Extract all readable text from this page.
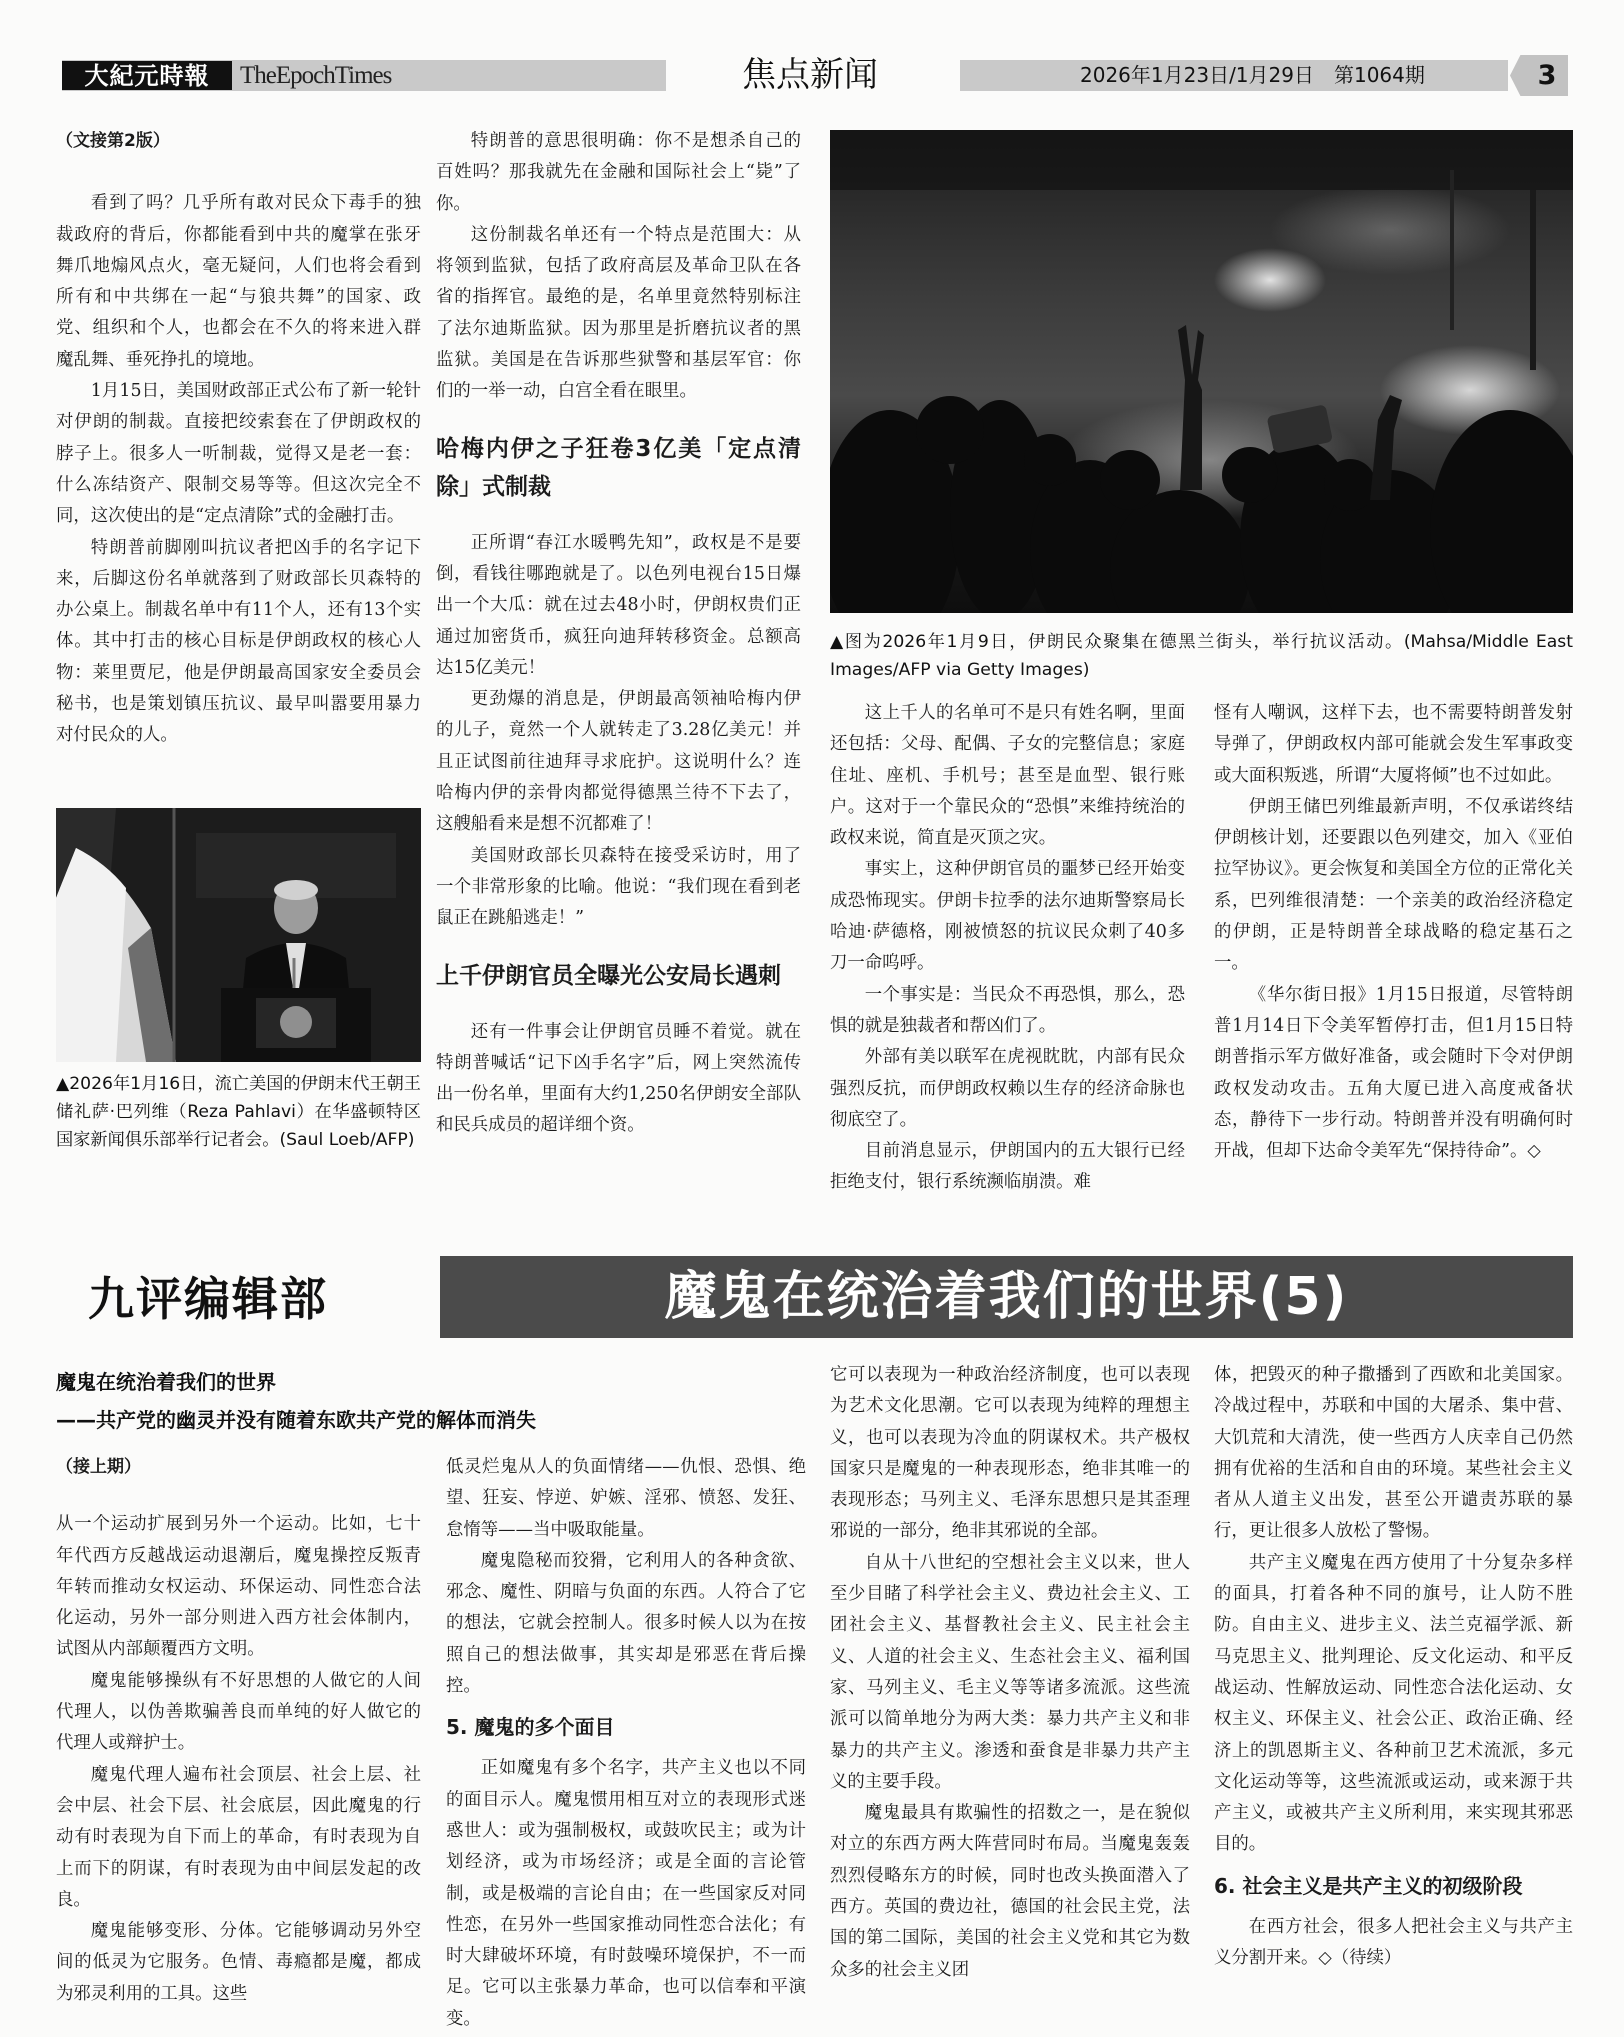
大紀元時報	TheEpochTimes	焦点新闻	2026年1月23日/1月29日　第1064期	3

（文接第2版）

看到了吗？几乎所有敢对民众下毒手的独裁政府的背后，你都能看到中共的魔掌在张牙舞爪地煽风点火，毫无疑问，人们也将会看到所有和中共绑在一起“与狼共舞”的国家、政党、组织和个人，也都会在不久的将来进入群魔乱舞、垂死挣扎的境地。

1月15日，美国财政部正式公布了新一轮针对伊朗的制裁。直接把绞索套在了伊朗政权的脖子上。很多人一听制裁，觉得又是老一套：什么冻结资产、限制交易等等。但这次完全不同，这次使出的是“定点清除”式的金融打击。

特朗普前脚刚叫抗议者把凶手的名字记下来，后脚这份名单就落到了财政部长贝森特的办公桌上。制裁名单中有11个人，还有13个实体。其中打击的核心目标是伊朗政权的核心人物：莱里贾尼，他是伊朗最高国家安全委员会秘书，也是策划镇压抗议、最早叫嚣要用暴力对付民众的人。

▲2026年1月16日，流亡美国的伊朗末代王朝王储礼萨·巴列维（Reza Pahlavi）在华盛顿特区国家新闻俱乐部举行记者会。(Saul Loeb/AFP)

特朗普的意思很明确：你不是想杀自己的百姓吗？那我就先在金融和国际社会上“毙”了你。

这份制裁名单还有一个特点是范围大：从将领到监狱，包括了政府高层及革命卫队在各省的指挥官。最绝的是，名单里竟然特别标注了法尔迪斯监狱。因为那里是折磨抗议者的黑监狱。美国是在告诉那些狱警和基层军官：你们的一举一动，白宫全看在眼里。

哈梅内伊之子狂卷3亿美「定点清除」式制裁

正所谓“春江水暖鸭先知”，政权是不是要倒，看钱往哪跑就是了。以色列电视台15日爆出一个大瓜：就在过去48小时，伊朗权贵们正通过加密货币，疯狂向迪拜转移资金。总额高达15亿美元！

更劲爆的消息是，伊朗最高领袖哈梅内伊的儿子，竟然一个人就转走了3.28亿美元！并且正试图前往迪拜寻求庇护。这说明什么？连哈梅内伊的亲骨肉都觉得德黑兰待不下去了，这艘船看来是想不沉都难了！

美国财政部长贝森特在接受采访时，用了一个非常形象的比喻。他说：“我们现在看到老鼠正在跳船逃走！”

上千伊朗官员全曝光公安局长遇刺

还有一件事会让伊朗官员睡不着觉。就在特朗普喊话“记下凶手名字”后，网上突然流传出一份名单，里面有大约1,250名伊朗安全部队和民兵成员的超详细个资。

▲图为2026年1月9日，伊朗民众聚集在德黑兰街头，举行抗议活动。(Mahsa/Middle East Images/AFP via Getty Images)

这上千人的名单可不是只有姓名啊，里面还包括：父母、配偶、子女的完整信息；家庭住址、座机、手机号；甚至是血型、银行账户。这对于一个靠民众的“恐惧”来维持统治的政权来说，简直是灭顶之灾。

事实上，这种伊朗官员的噩梦已经开始变成恐怖现实。伊朗卡拉季的法尔迪斯警察局长哈迪·萨德格，刚被愤怒的抗议民众刺了40多刀一命呜呼。

一个事实是：当民众不再恐惧，那么，恐惧的就是独裁者和帮凶们了。

外部有美以联军在虎视眈眈，内部有民众强烈反抗，而伊朗政权赖以生存的经济命脉也彻底空了。

目前消息显示，伊朗国内的五大银行已经拒绝支付，银行系统濒临崩溃。难

怪有人嘲讽，这样下去，也不需要特朗普发射导弹了，伊朗政权内部可能就会发生军事政变或大面积叛逃，所谓“大厦将倾”也不过如此。

伊朗王储巴列维最新声明，不仅承诺终结伊朗核计划，还要跟以色列建交，加入《亚伯拉罕协议》。更会恢复和美国全方位的正常化关系，巴列维很清楚：一个亲美的政治经济稳定的伊朗，正是特朗普全球战略的稳定基石之一。

《华尔街日报》1月15日报道，尽管特朗普1月14日下令美军暂停打击，但1月15日特朗普指示军方做好准备，或会随时下令对伊朗政权发动攻击。五角大厦已进入高度戒备状态，静待下一步行动。特朗普并没有明确何时开战，但却下达命令美军先“保持待命”。◇

九评编辑部	魔鬼在统治着我们的世界(5)
魔鬼在统治着我们的世界
——共产党的幽灵并没有随着东欧共产党的解体而消失

（接上期）

从一个运动扩展到另外一个运动。比如，七十年代西方反越战运动退潮后，魔鬼操控反叛青年转而推动女权运动、环保运动、同性恋合法化运动，另外一部分则进入西方社会体制内，试图从内部颠覆西方文明。

魔鬼能够操纵有不好思想的人做它的人间代理人，以伪善欺骗善良而单纯的好人做它的代理人或辩护士。

魔鬼代理人遍布社会顶层、社会上层、社会中层、社会下层、社会底层，因此魔鬼的行动有时表现为自下而上的革命，有时表现为自上而下的阴谋，有时表现为由中间层发起的改良。

魔鬼能够变形、分体。它能够调动另外空间的低灵为它服务。色情、毒瘾都是魔，都成为邪灵利用的工具。这些

低灵烂鬼从人的负面情绪——仇恨、恐惧、绝望、狂妄、悖逆、妒嫉、淫邪、愤怒、发狂、怠惰等——当中吸取能量。

魔鬼隐秘而狡猾，它利用人的各种贪欲、邪念、魔性、阴暗与负面的东西。人符合了它的想法，它就会控制人。很多时候人以为在按照自己的想法做事，其实却是邪恶在背后操控。

5. 魔鬼的多个面目

正如魔鬼有多个名字，共产主义也以不同的面目示人。魔鬼惯用相互对立的表现形式迷惑世人：或为强制极权，或鼓吹民主；或为计划经济，或为市场经济；或是全面的言论管制，或是极端的言论自由；在一些国家反对同性恋，在另外一些国家推动同性恋合法化；有时大肆破坏环境，有时鼓噪环境保护，不一而足。它可以主张暴力革命，也可以信奉和平演变。

它可以表现为一种政治经济制度，也可以表现为艺术文化思潮。它可以表现为纯粹的理想主义，也可以表现为冷血的阴谋权术。共产极权国家只是魔鬼的一种表现形态，绝非其唯一的表现形态；马列主义、毛泽东思想只是其歪理邪说的一部分，绝非其邪说的全部。

自从十八世纪的空想社会主义以来，世人至少目睹了科学社会主义、费边社会主义、工团社会主义、基督教社会主义、民主社会主义、人道的社会主义、生态社会主义、福利国家、马列主义、毛主义等等诸多流派。这些流派可以简单地分为两大类：暴力共产主义和非暴力的共产主义。渗透和蚕食是非暴力共产主义的主要手段。

魔鬼最具有欺骗性的招数之一，是在貌似对立的东西方两大阵营同时布局。当魔鬼轰轰烈烈侵略东方的时候，同时也改头换面潜入了西方。英国的费边社，德国的社会民主党，法国的第二国际，美国的社会主义党和其它为数众多的社会主义团

体，把毁灭的种子撒播到了西欧和北美国家。冷战过程中，苏联和中国的大屠杀、集中营、大饥荒和大清洗，使一些西方人庆幸自己仍然拥有优裕的生活和自由的环境。某些社会主义者从人道主义出发，甚至公开谴责苏联的暴行，更让很多人放松了警惕。

共产主义魔鬼在西方使用了十分复杂多样的面具，打着各种不同的旗号，让人防不胜防。自由主义、进步主义、法兰克福学派、新马克思主义、批判理论、反文化运动、和平反战运动、性解放运动、同性恋合法化运动、女权主义、环保主义、社会公正、政治正确、经济上的凯恩斯主义、各种前卫艺术流派，多元文化运动等等，这些流派或运动，或来源于共产主义，或被共产主义所利用，来实现其邪恶目的。

6. 社会主义是共产主义的初级阶段

在西方社会，很多人把社会主义与共产主义分割开来。◇（待续）
